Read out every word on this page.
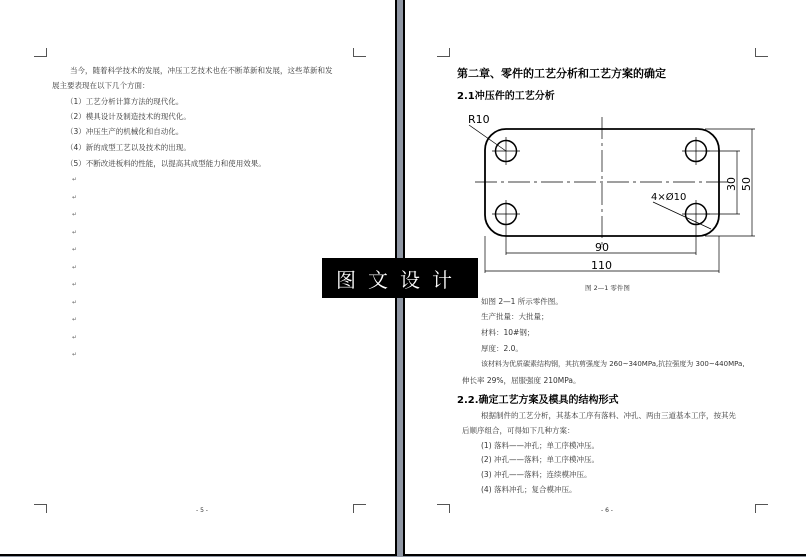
当今，随着科学技术的发展，冲压工艺技术也在不断革新和发展，这些革新和发
展主要表现在以下几个方面：
（1）工艺分析计算方法的现代化。
（2）模具设计及制造技术的现代化。
（3）冲压生产的机械化和自动化。
（4）新的成型工艺以及技术的出现。
（5）不断改进板料的性能，以提高其成型能力和使用效果。
↵
↵
↵
↵
↵
↵
↵
↵
↵
↵
↵
- 5 -
第二章、零件的工艺分析和工艺方案的确定
2.1冲压件的工艺分析
R10
4×Ø10
90
110
30 50
图 2—1 零件图
如图 2—1 所示零件图。
生产批量：大批量；
材料：10#钢；
厚度：2.0。
该材料为优质碳素结构钢，其抗剪强度为 260~340MPa,抗拉强度为 300~440MPa,
伸长率 29%，屈服强度 210MPa。
2.2.确定工艺方案及模具的结构形式
根据制件的工艺分析，其基本工序有落料、冲孔、两由三道基本工序，按其先
后顺序组合，可得如下几种方案：
(1) 落料——冲孔；单工序模冲压。
(2) 冲孔——落料；单工序模冲压。
(3) 冲孔——落料；连续模冲压。
(4) 落料冲孔；复合模冲压。
- 6 -
图文设计
